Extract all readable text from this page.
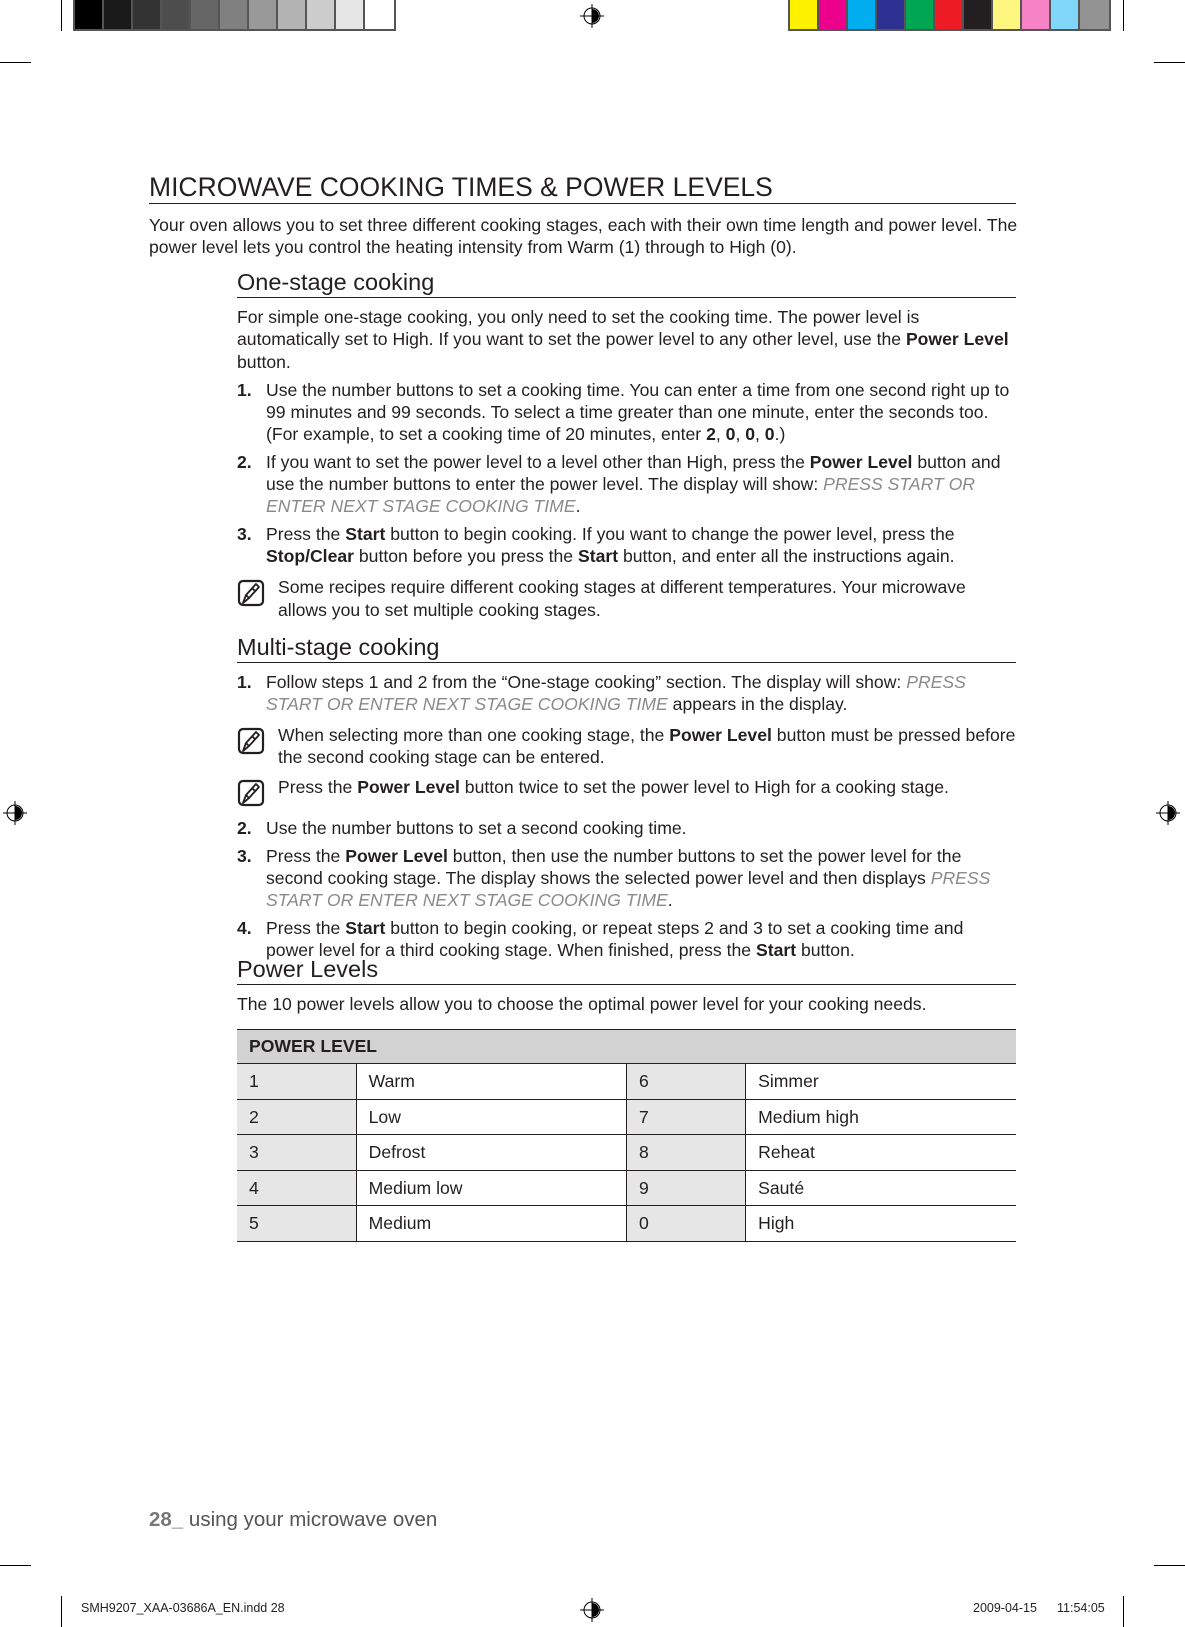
MICROWAVE COOKING TIMES & POWER LEVELS

Your oven allows you to set three different cooking stages, each with their own time length and power level. The power level lets you control the heating intensity from Warm (1) through to High (0).

One-stage cooking

For simple one-stage cooking, you only need to set the cooking time. The power level is automatically set to High. If you want to set the power level to any other level, use the Power Level button.

1. Use the number buttons to set a cooking time. You can enter a time from one second right up to 99 minutes and 99 seconds. To select a time greater than one minute, enter the seconds too. (For example, to set a cooking time of 20 minutes, enter 2, 0, 0, 0.)
2. If you want to set the power level to a level other than High, press the Power Level button and use the number buttons to enter the power level. The display will show: PRESS START OR ENTER NEXT STAGE COOKING TIME.
3. Press the Start button to begin cooking. If you want to change the power level, press the Stop/Clear button before you press the Start button, and enter all the instructions again.
Some recipes require different cooking stages at different temperatures. Your microwave allows you to set multiple cooking stages.
Multi-stage cooking
1. Follow steps 1 and 2 from the “One-stage cooking” section. The display will show: PRESS START OR ENTER NEXT STAGE COOKING TIME appears in the display.
When selecting more than one cooking stage, the Power Level button must be pressed before the second cooking stage can be entered.
Press the Power Level button twice to set the power level to High for a cooking stage.
2. Use the number buttons to set a second cooking time.
3. Press the Power Level button, then use the number buttons to set the power level for the second cooking stage. The display shows the selected power level and then displays PRESS START OR ENTER NEXT STAGE COOKING TIME.
4. Press the Start button to begin cooking, or repeat steps 2 and 3 to set a cooking time and power level for a third cooking stage. When finished, press the Start button.
Power Levels

The 10 power levels allow you to choose the optimal power level for your cooking needs.

POWER LEVEL			
1	Warm	6	Simmer
2	Low	7	Medium high
3	Defrost	8	Reheat
4	Medium low	9	Sauté
5	Medium	0	High
28_ using your microwave oven
SMH9207_XAA-03686A_EN.indd 28	2009-04-15 11:54:05
